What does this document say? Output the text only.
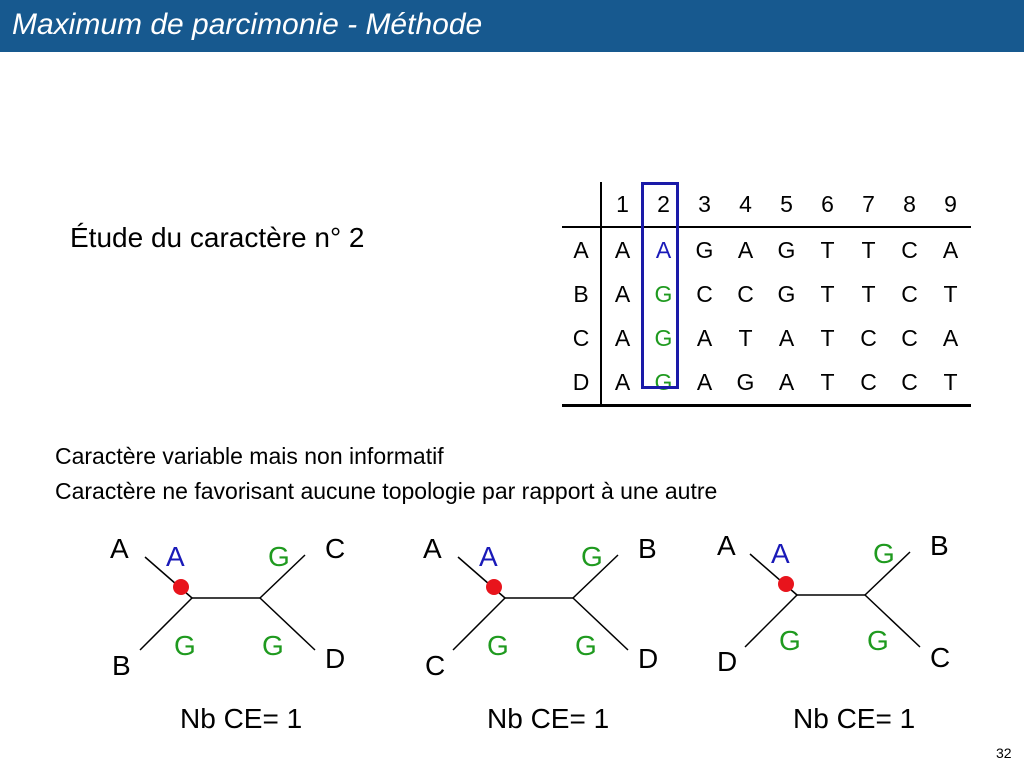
Maximum de parcimonie - Méthode
Étude du caractère n° 2
	1	2	3	4	5	6	7	8	9
A	A	A	G	A	G	T	T	C	A
B	A	G	C	C	G	T	T	C	T
C	A	G	A	T	A	T	C	C	A
D	A	G	A	G	A	T	C	C	T
Caractère variable mais non informatif
Caractère ne favorisant aucune topologie par rapport à une autre
A	C
B	D
A	G
G G
Nb CE= 1
A	B
C	D
A	G
G G
Nb CE= 1
A	B
D	C
A	G
G G
Nb CE= 1
32
